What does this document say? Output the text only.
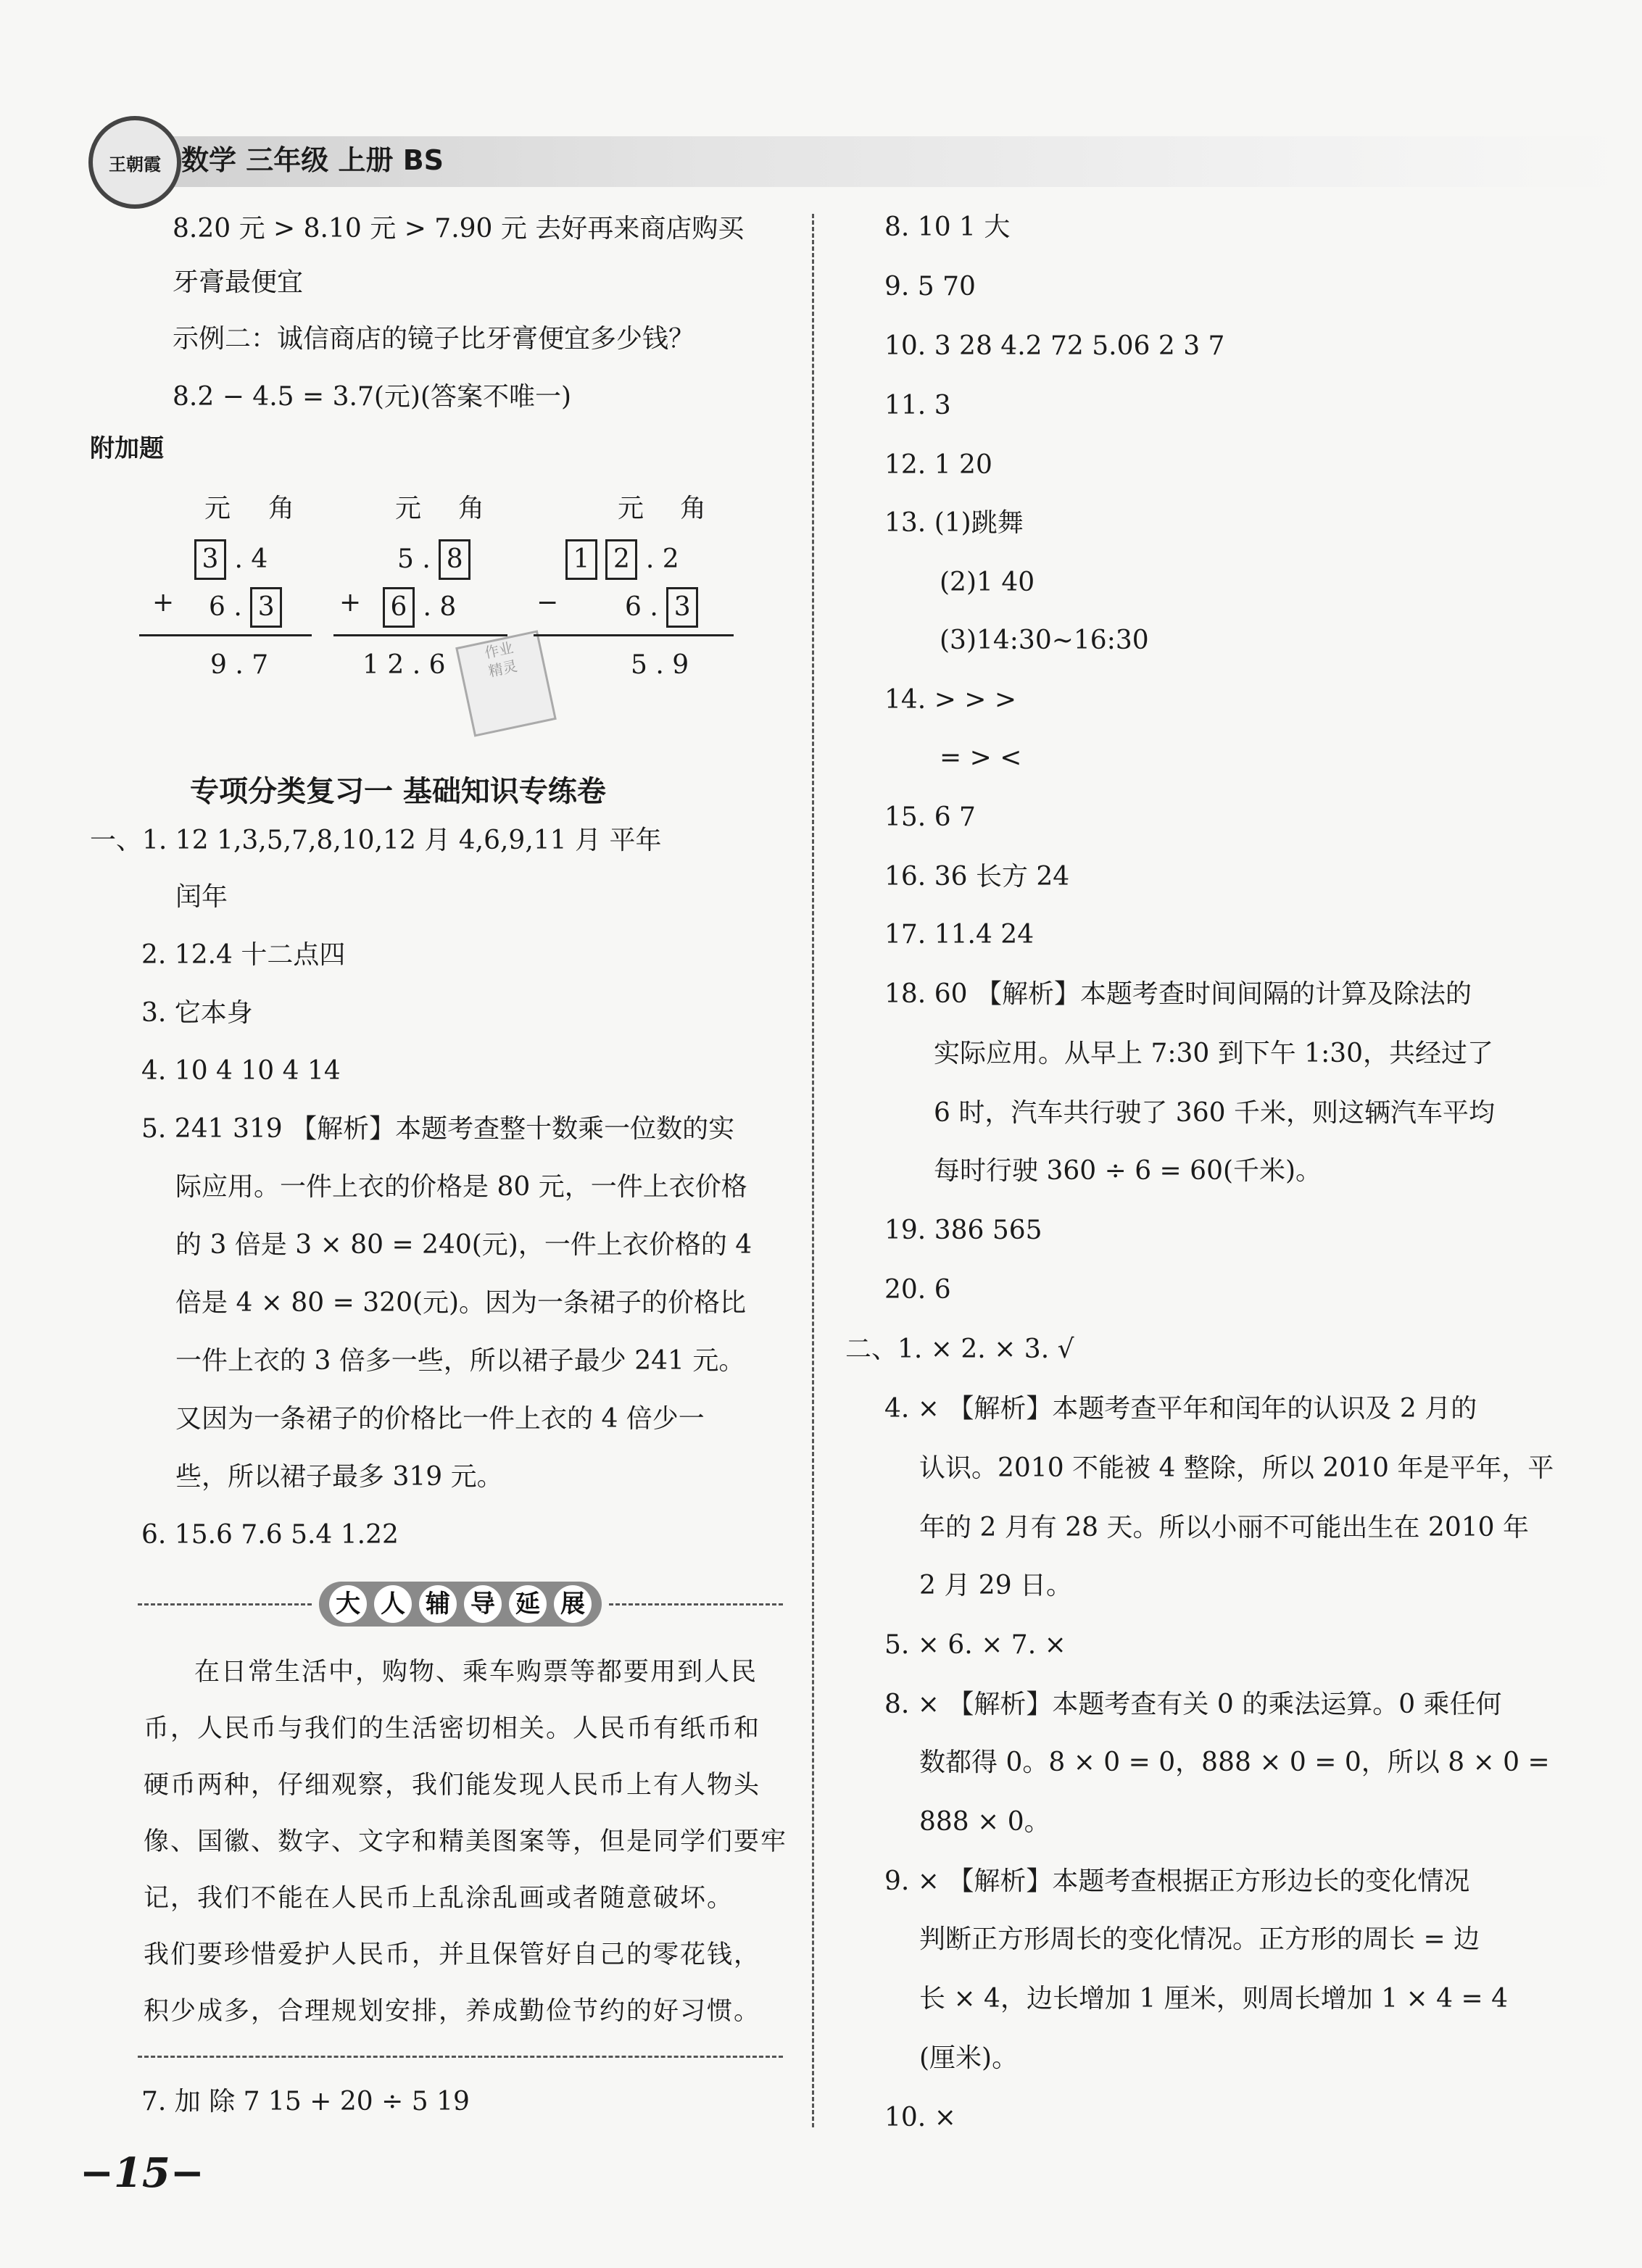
王朝霞 数学 三年级 上册 BS
8.20 元 > 8.10 元 > 7.90 元 去好再来商店购买
牙膏最便宜
示例二：诚信商店的镜子比牙膏便宜多少钱？
8.2 − 4.5 = 3.7(元)(答案不唯一)
附加题
元 角
3 . 4
+ 6 . 3
9 . 7
元 角
5 . 8
+ 6 . 8
1 2 . 6	作业
精灵
元 角
1 2 . 2
−	6 . 3
5 . 9
专项分类复习一 基础知识专练卷
一、1. 12 1,3,5,7,8,10,12 月 4,6,9,11 月 平年
闰年
2. 12.4 十二点四
3. 它本身
4. 10 4 10 4 14
5. 241 319 【解析】本题考查整十数乘一位数的实
际应用。一件上衣的价格是 80 元，一件上衣价格
的 3 倍是 3 × 80 = 240(元)，一件上衣价格的 4
倍是 4 × 80 = 320(元)。因为一条裙子的价格比
一件上衣的 3 倍多一些，所以裙子最少 241 元。
又因为一条裙子的价格比一件上衣的 4 倍少一
些，所以裙子最多 319 元。
6. 15.6 7.6 5.4 1.22
大 人 辅 导 延 展
在日常生活中，购物、乘车购票等都要用到人民
币，人民币与我们的生活密切相关。人民币有纸币和
硬币两种，仔细观察，我们能发现人民币上有人物头
像、国徽、数字、文字和精美图案等，但是同学们要牢
记，我们不能在人民币上乱涂乱画或者随意破坏。
我们要珍惜爱护人民币，并且保管好自己的零花钱，
积少成多，合理规划安排，养成勤俭节约的好习惯。
7. 加 除 7 15 + 20 ÷ 5 19
8. 10 1 大
9. 5 70
10. 3 28 4.2 72 5.06 2 3 7
11. 3
12. 1 20
13. (1)跳舞
(2)1 40
(3)14:30~16:30
14. > > >
= > <
15. 6 7
16. 36 长方 24
17. 11.4 24
18. 60 【解析】本题考查时间间隔的计算及除法的
实际应用。从早上 7:30 到下午 1:30，共经过了
6 时，汽车共行驶了 360 千米，则这辆汽车平均
每时行驶 360 ÷ 6 = 60(千米)。
19. 386 565
20. 6
二、1. × 2. × 3. √
4. × 【解析】本题考查平年和闰年的认识及 2 月的
认识。2010 不能被 4 整除，所以 2010 年是平年，平
年的 2 月有 28 天。所以小丽不可能出生在 2010 年
2 月 29 日。
5. × 6. × 7. ×
8. × 【解析】本题考查有关 0 的乘法运算。0 乘任何
数都得 0。8 × 0 = 0，888 × 0 = 0，所以 8 × 0 =
888 × 0。
9. × 【解析】本题考查根据正方形边长的变化情况
判断正方形周长的变化情况。正方形的周长 = 边
长 × 4，边长增加 1 厘米，则周长增加 1 × 4 = 4
(厘米)。
10. ×
−15−
